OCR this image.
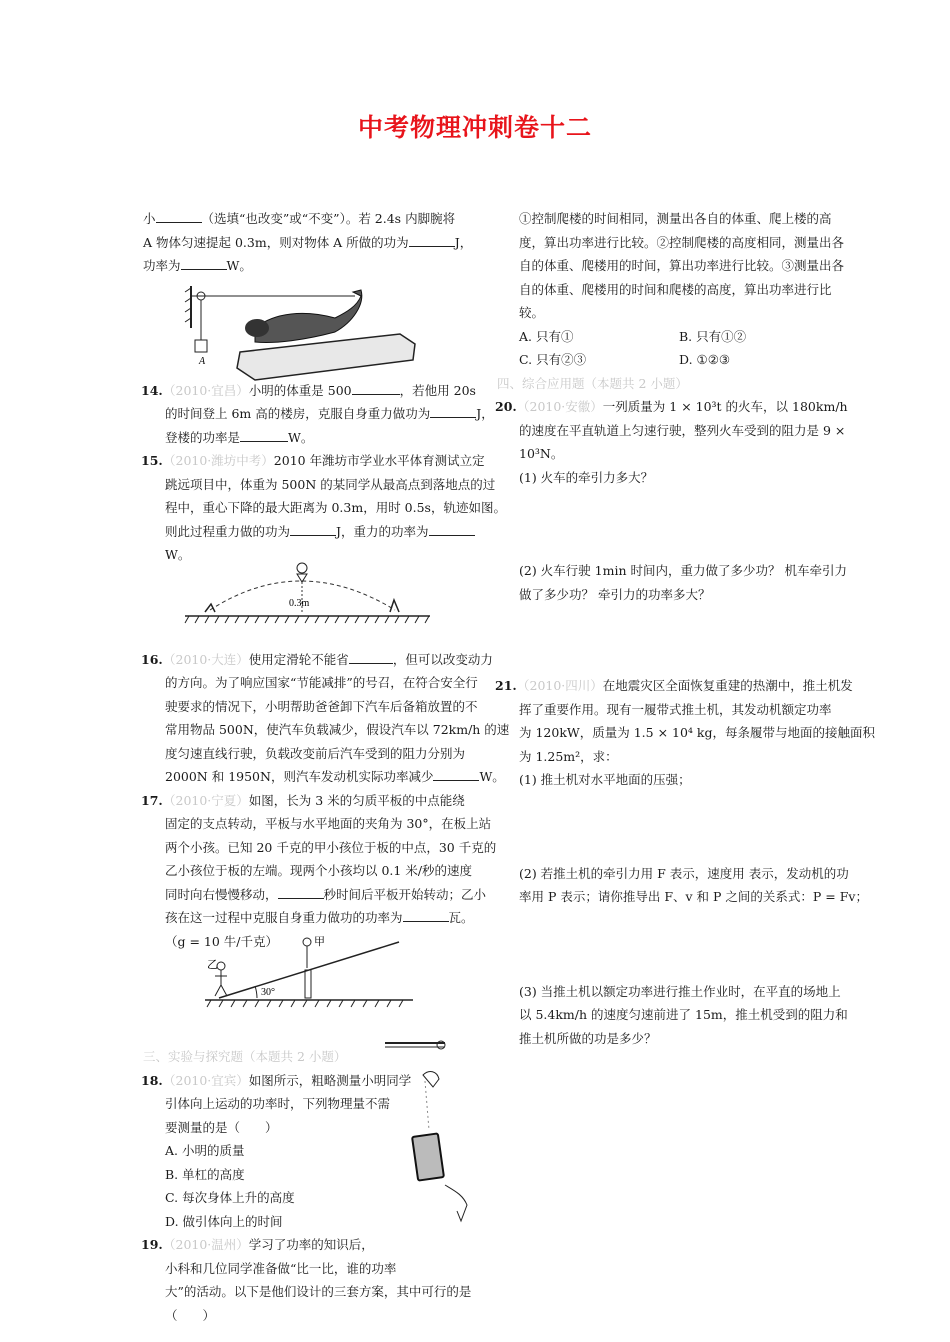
中考物理冲刺卷十二
小	（选填“也改变”或“不变”）。若 2.4s 内脚腕将
A 物体匀速提起 0.3m，则对物体 A 所做的功为	J，
功率为	W。
14.（2010·宜昌）小明的体重是 500	，若他用 20s
的时间登上 6m 高的楼房，克服自身重力做功为	J，
登楼的功率是	W。
15.（2010·潍坊中考）2010 年潍坊市学业水平体育测试立定
跳远项目中，体重为 500N 的某同学从最高点到落地点的过
程中，重心下降的最大距离为 0.3m，用时 0.5s，轨迹如图。
则此过程重力做的功为	J，重力的功率为
W。
16.（2010·大连）使用定滑轮不能省	，但可以改变动力
的方向。为了响应国家“节能减排”的号召，在符合安全行
驶要求的情况下，小明帮助爸爸卸下汽车后备箱放置的不
常用物品 500N，使汽车负载减少，假设汽车以 72km/h 的速
度匀速直线行驶，负载改变前后汽车受到的阻力分别为
2000N 和 1950N，则汽车发动机实际功率减少	W。
17.（2010·宁夏）如图，长为 3 米的匀质平板的中点能绕
固定的支点转动，平板与水平地面的夹角为 30°，在板上站
两个小孩。已知 20 千克的甲小孩位于板的中点，30 千克的
乙小孩位于板的左端。现两个小孩均以 0.1 米/秒的速度
同时向右慢慢移动，	秒时间后平板开始转动；乙小
孩在这一过程中克服自身重力做功的功率为	瓦。
（g = 10 牛/千克）
三、实验与探究题（本题共 2 小题）
18.（2010·宜宾）如图所示，粗略测量小明同学
引体向上运动的功率时，下列物理量不需
要测量的是（　　）
A. 小明的质量
B. 单杠的高度
C. 每次身体上升的高度
D. 做引体向上的时间
19.（2010·温州）学习了功率的知识后，
小科和几位同学准备做“比一比，谁的功率
大”的活动。以下是他们设计的三套方案，其中可行的是
（　　）
A
0.3m
30°
甲
乙
①控制爬楼的时间相同，测量出各自的体重、爬上楼的高
度，算出功率进行比较。②控制爬楼的高度相同，测量出各
自的体重、爬楼用的时间，算出功率进行比较。③测量出各
自的体重、爬楼用的时间和爬楼的高度，算出功率进行比
较。
A. 只有①	B. 只有①②
C. 只有②③	D. ①②③
四、综合应用题（本题共 2 小题）
20.（2010·安徽）一列质量为 1 × 10³t 的火车，以 180km/h
的速度在平直轨道上匀速行驶，整列火车受到的阻力是 9 ×
10³N。
(1) 火车的牵引力多大？
(2) 火车行驶 1min 时间内，重力做了多少功？ 机车牵引力
做了多少功？ 牵引力的功率多大？
21.（2010·四川）在地震灾区全面恢复重建的热潮中，推土机发
挥了重要作用。现有一履带式推土机，其发动机额定功率
为 120kW，质量为 1.5 × 10⁴ kg，每条履带与地面的接触面积
为 1.25m²，求：
(1) 推土机对水平地面的压强；
(2) 若推土机的牵引力用 F 表示，速度用 表示，发动机的功
率用 P 表示；请你推导出 F、v 和 P 之间的关系式：P = Fv；
(3) 当推土机以额定功率进行推土作业时，在平直的场地上
以 5.4km/h 的速度匀速前进了 15m，推土机受到的阻力和
推土机所做的功是多少？
